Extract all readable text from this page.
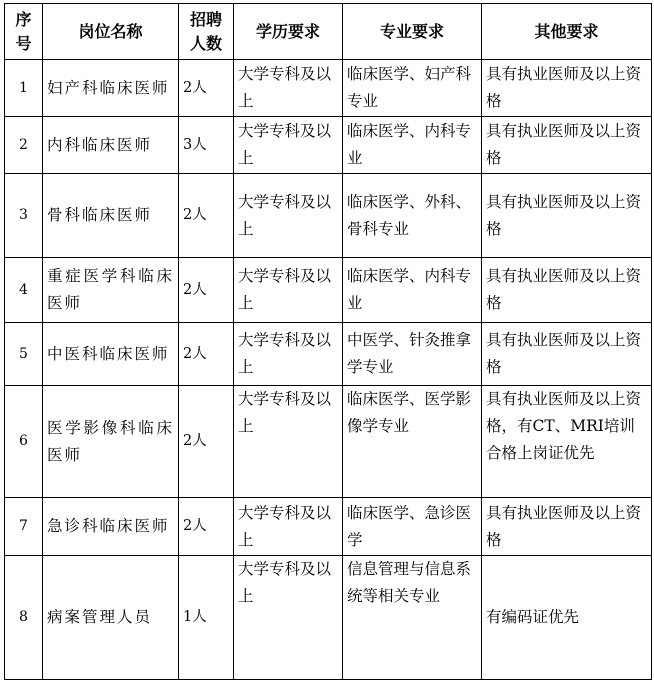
序号	岗位名称	招聘人数	学历要求	专业要求	其他要求
1	妇产科临床医师	2人	大学专科及以上	临床医学、妇产科专业	具有执业医师及以上资格
2	内科临床医师	3人	大学专科及以上	临床医学、内科专业	具有执业医师及以上资格
3	骨科临床医师	2人	大学专科及以上	临床医学、外科、骨科专业	具有执业医师及以上资格
4	重症医学科临床医师	2人	大学专科及以上	临床医学、内科专业	具有执业医师及以上资格
5	中医科临床医师	2人	大学专科及以上	中医学、针灸推拿学专业	具有执业医师及以上资格
6	医学影像科临床医师	2人	大学专科及以上	临床医学、医学影像学专业	具有执业医师及以上资格，有CT、MRI培训合格上岗证优先
7	急诊科临床医师	2人	大学专科及以上	临床医学、急诊医学	具有执业医师及以上资格
8	病案管理人员	1人	大学专科及以上	信息管理与信息系统等相关专业	有编码证优先
